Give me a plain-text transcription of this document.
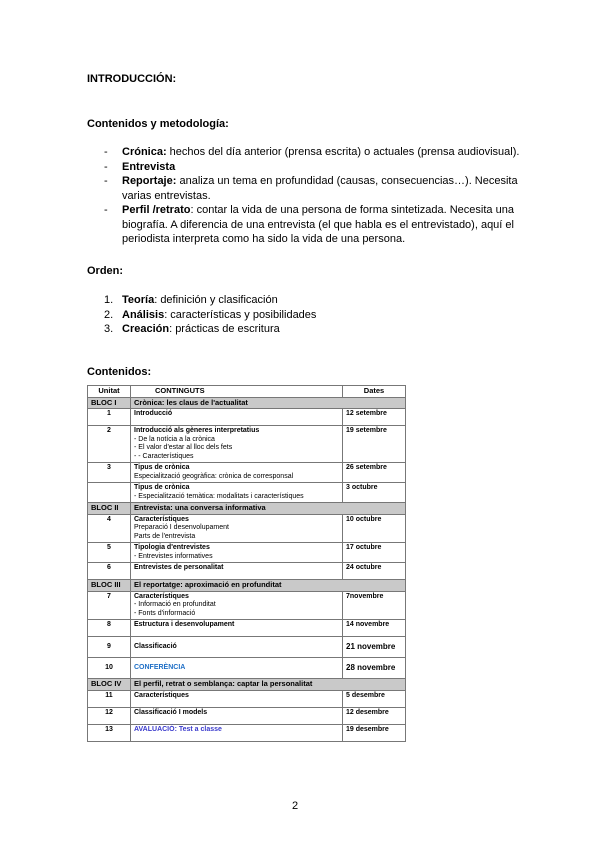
INTRODUCCIÓN:
Contenidos y metodología:
- Crónica: hechos del día anterior (prensa escrita) o actuales (prensa audiovisual).
- Entrevista
- Reportaje: analiza un tema en profundidad (causas, consecuencias…). Necesita varias entrevistas.
- Perfil /retrato: contar la vida de una persona de forma sintetizada. Necesita una biografía. A diferencia de una entrevista (el que habla es el entrevistado), aquí el periodista interpreta como ha sido la vida de una persona.
Orden:
1. Teoría: definición y clasificación
2. Análisis: características y posibilidades
3. Creación: prácticas de escritura
Contenidos:
Unitat	CONTINGUTS	Dates
BLOC I	Crònica: les claus de l'actualitat	
1	Introducció	12 setembre
2	Introducció als gèneres interpretatius
- De la notícia a la crònica
- El valor d'estar al lloc dels fets
- - Característiques	19 setembre
3	Tipus de crònica
Especialització geogràfica: crònica de corresponsal	26 setembre

	Tipus de crònica
- Especialització temàtica: modalitats i característiques	3 octubre
BLOC II	Entrevista: una conversa informativa	
4	Característiques
Preparació I desenvolupament
Parts de l'entrevista	10 octubre
5	Tipologia d'entrevistes
- Entrevistes informatives	17 octubre
6	Entrevistes de personalitat	24 octubre
BLOC III	El reportatge: aproximació en profunditat	
7	Característiques
- Informació en profunditat
- Fonts d'informació	7novembre
8	Estructura i desenvolupament	14 novembre
9	Classificació	21 novembre
10	CONFERÈNCIA	28 novembre
BLOC IV	El perfil, retrat o semblança: captar la personalitat	
11	Característiques	5 desembre
12	Classificació I models	12 desembre
13	AVALUACIÓ: Test a classe	19 desembre
2
